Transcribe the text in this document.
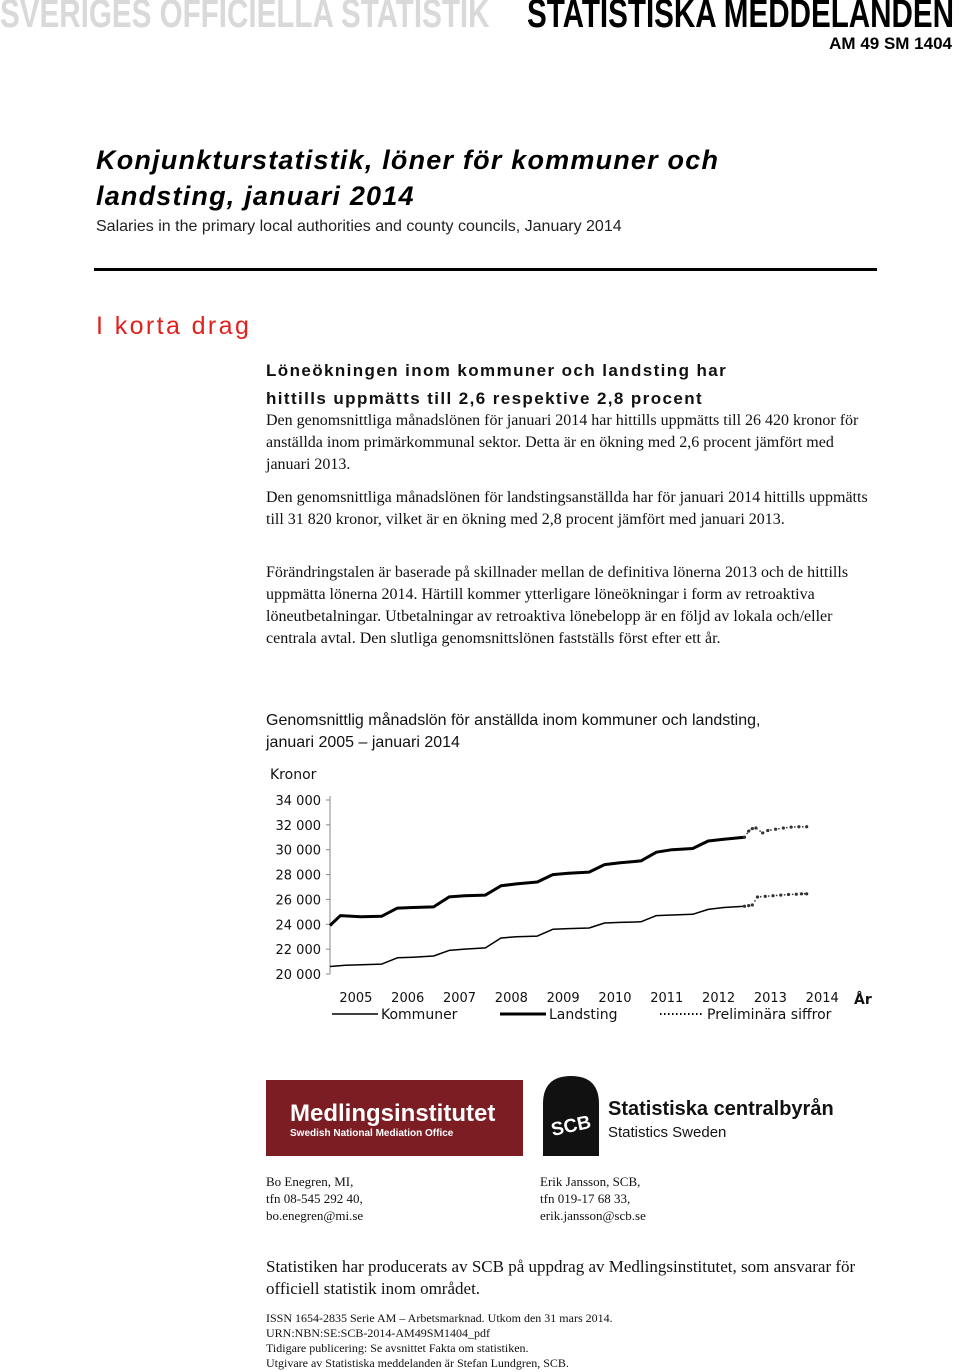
SVERIGES OFFICIELLA STATISTIK STATISTISKA MEDDELANDEN
AM 49 SM 1404
Konjunkturstatistik, löner för kommuner och
landsting, januari 2014
Salaries in the primary local authorities and county councils, January 2014
I korta drag
Löneökningen inom kommuner och landsting har
hittills uppmätts till 2,6 respektive 2,8 procent
Den genomsnittliga månadslönen för januari 2014 har hittills uppmätts till 26 420 kronor för anställda inom primärkommunal sektor. Detta är en ökning med 2,6 procent jämfört med januari 2013.
Den genomsnittliga månadslönen för landstingsanställda har för januari 2014 hittills uppmätts till 31 820 kronor, vilket är en ökning med 2,8 procent jämfört med januari 2013.
Förändringstalen är baserade på skillnader mellan de definitiva lönerna 2013 och de hittills uppmätta lönerna 2014. Härtill kommer ytterligare löneökningar i form av retroaktiva löneutbetalningar. Utbetalningar av retroaktiva lönebelopp är en följd av lokala och/eller centrala avtal. Den slutliga genomsnittslönen fastställs först efter ett år.
Genomsnittlig månadslön för anställda inom kommuner och landsting, januari 2005 – januari 2014
Kronor
20 000
22 000
24 000
26 000
28 000
30 000
32 000
34 000
2005 2006 2007 2008 2009 2010 2011 2012 2013 2014 År
Kommuner	Landsting	Preliminära siffror
Medlingsinstitutet
Swedish National Mediation Office	SCB
Statistiska centralbyrån
Statistics Sweden
Bo Enegren, MI,
tfn 08-545 292 40,
bo.enegren@mi.se
Erik Jansson, SCB,
tfn 019-17 68 33,
erik.jansson@scb.se
Statistiken har producerats av SCB på uppdrag av Medlingsinstitutet, som ansvarar för officiell statistik inom området.
ISSN 1654-2835 Serie AM – Arbetsmarknad. Utkom den 31 mars 2014.
URN:NBN:SE:SCB-2014-AM49SM1404_pdf
Tidigare publicering: Se avsnittet Fakta om statistiken.
Utgivare av Statistiska meddelanden är Stefan Lundgren, SCB.
